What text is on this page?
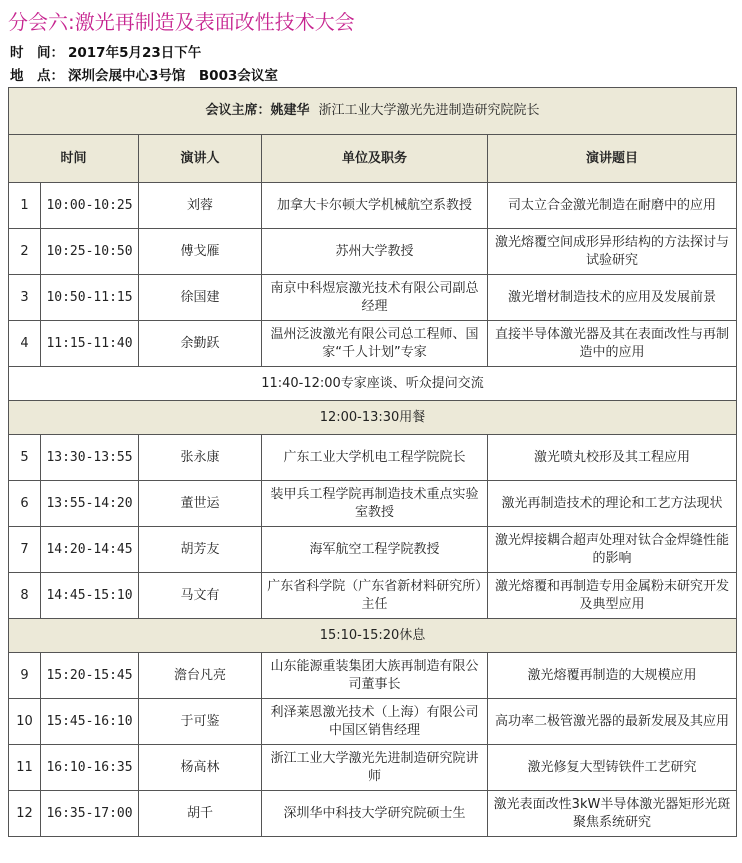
分会六:激光再制造及表面改性技术大会
时　间： 2017年5月23日下午
地　点： 深圳会展中心3号馆　B003会议室
会议主席：姚建华 浙江工业大学激光先进制造研究院院长				
时间		演讲人	单位及职务	演讲题目
1	10:00-10:25	刘蓉	加拿大卡尔顿大学机械航空系教授	司太立合金激光制造在耐磨中的应用
2	10:25-10:50	傅戈雁	苏州大学教授	激光熔覆空间成形异形结构的方法探讨与试验研究
3	10:50-11:15	徐国建	南京中科煜宸激光技术有限公司副总经理	激光增材制造技术的应用及发展前景
4	11:15-11:40	余勤跃	温州泛波激光有限公司总工程师、国家“千人计划”专家	直接半导体激光器及其在表面改性与再制造中的应用
11:40-12:00专家座谈、听众提问交流				
12:00-13:30用餐				
5	13:30-13:55	张永康	广东工业大学机电工程学院院长	激光喷丸校形及其工程应用
6	13:55-14:20	董世运	装甲兵工程学院再制造技术重点实验室教授	激光再制造技术的理论和工艺方法现状
7	14:20-14:45	胡芳友	海军航空工程学院教授	激光焊接耦合超声处理对钛合金焊缝性能的影响
8	14:45-15:10	马文有	广东省科学院（广东省新材料研究所）主任	激光熔覆和再制造专用金属粉末研究开发及典型应用
15:10-15:20休息				
9	15:20-15:45	澹台凡亮	山东能源重装集团大族再制造有限公司董事长	激光熔覆再制造的大规模应用
10	15:45-16:10	于可鉴	利泽莱恩激光技术（上海）有限公司中国区销售经理	高功率二极管激光器的最新发展及其应用
11	16:10-16:35	杨高林	浙江工业大学激光先进制造研究院讲师	激光修复大型铸铁件工艺研究
12	16:35-17:00	胡千	深圳华中科技大学研究院硕士生	激光表面改性3kW半导体激光器矩形光斑聚焦系统研究
